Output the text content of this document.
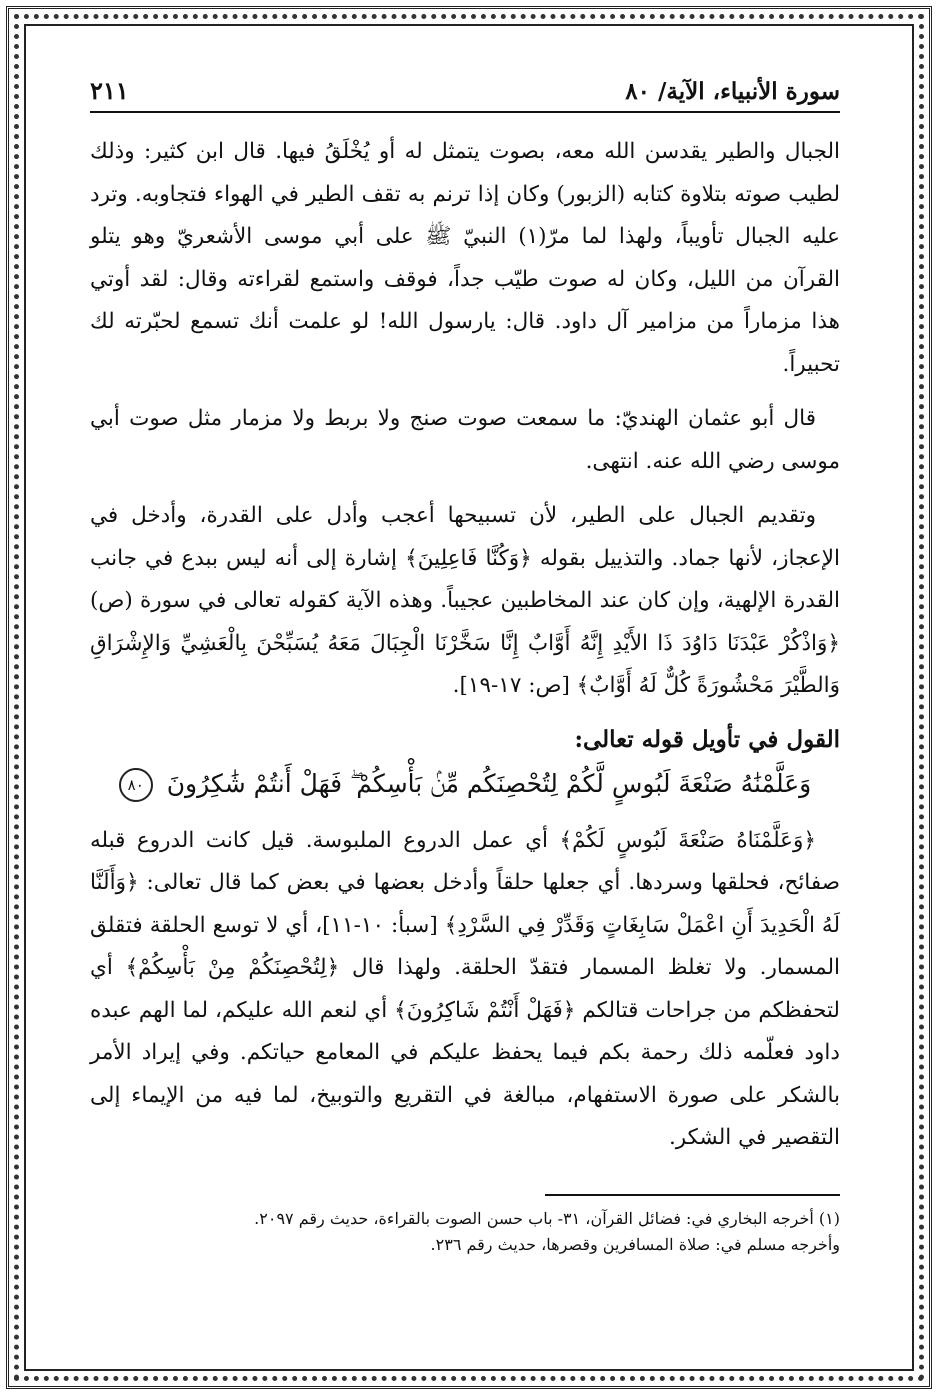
سورة الأنبياء، الآية/ ٨٠
٢١١

الجبال والطير يقدسن الله معه، بصوت يتمثل له أو يُخْلَقُ فيها. قال ابن كثير: وذلك لطيب صوته بتلاوة كتابه (الزبور) وكان إذا ترنم به تقف الطير في الهواء فتجاوبه. وترد عليه الجبال تأويباً، ولهذا لما مرّ(١) النبيّ ﷺ على أبي موسى الأشعريّ وهو يتلو القرآن من الليل، وكان له صوت طيّب جداً، فوقف واستمع لقراءته وقال: لقد أوتي هذا مزماراً من مزامير آل داود. قال: يارسول الله! لو علمت أنك تسمع لحبّرته لك تحبيراً.

قال أبو عثمان الهنديّ: ما سمعت صوت صنج ولا بربط ولا مزمار مثل صوت أبي موسى رضي الله عنه. انتهى.

وتقديم الجبال على الطير، لأن تسبيحها أعجب وأدل على القدرة، وأدخل في الإعجاز، لأنها جماد. والتذييل بقوله ﴿وَكُنَّا فَاعِلِينَ﴾ إشارة إلى أنه ليس ببدع في جانب القدرة الإلهية، وإن كان عند المخاطبين عجيباً. وهذه الآية كقوله تعالى في سورة (ص) ﴿وَاذْكُرْ عَبْدَنَا دَاوُدَ ذَا الأَيْدِ إِنَّهُ أَوَّابٌ إِنَّا سَخَّرْنَا الْجِبَالَ مَعَهُ يُسَبِّحْنَ بِالْعَشِيِّ وَالإِشْرَاقِ وَالطَّيْرَ مَحْشُورَةً كُلٌّ لَهُ أَوَّابٌ﴾ [ص: ١٧-١٩].

القول في تأويل قوله تعالى:
وَعَلَّمْنَٰهُ صَنْعَةَ لَبُوسٍ لَّكُمْ لِتُحْصِنَكُم مِّنۢ بَأْسِكُمْ ۖ فَهَلْ أَنتُمْ شَٰكِرُونَ ٨٠

﴿وَعَلَّمْنَاهُ صَنْعَةَ لَبُوسٍ لَكُمْ﴾ أي عمل الدروع الملبوسة. قيل كانت الدروع قبله صفائح، فحلقها وسردها. أي جعلها حلقاً وأدخل بعضها في بعض كما قال تعالى: ﴿وَأَلَنَّا لَهُ الْحَدِيدَ أَنِ اعْمَلْ سَابِغَاتٍ وَقَدِّرْ فِي السَّرْدِ﴾ [سبأ: ١٠-١١]، أي لا توسع الحلقة فتقلق المسمار. ولا تغلظ المسمار فتقدّ الحلقة. ولهذا قال ﴿لِتُحْصِنَكُمْ مِنْ بَأْسِكُمْ﴾ أي لتحفظكم من جراحات قتالكم ﴿فَهَلْ أَنْتُمْ شَاكِرُونَ﴾ أي لنعم الله عليكم، لما الهم عبده داود فعلّمه ذلك رحمة بكم فيما يحفظ عليكم في المعامع حياتكم. وفي إيراد الأمر بالشكر على صورة الاستفهام، مبالغة في التقريع والتوبيخ، لما فيه من الإيماء إلى التقصير في الشكر.

(١) أخرجه البخاري في: فضائل القرآن، ٣١- باب حسن الصوت بالقراءة، حديث رقم ٢٠٩٧.

وأخرجه مسلم في: صلاة المسافرين وقصرها، حديث رقم ٢٣٦.
